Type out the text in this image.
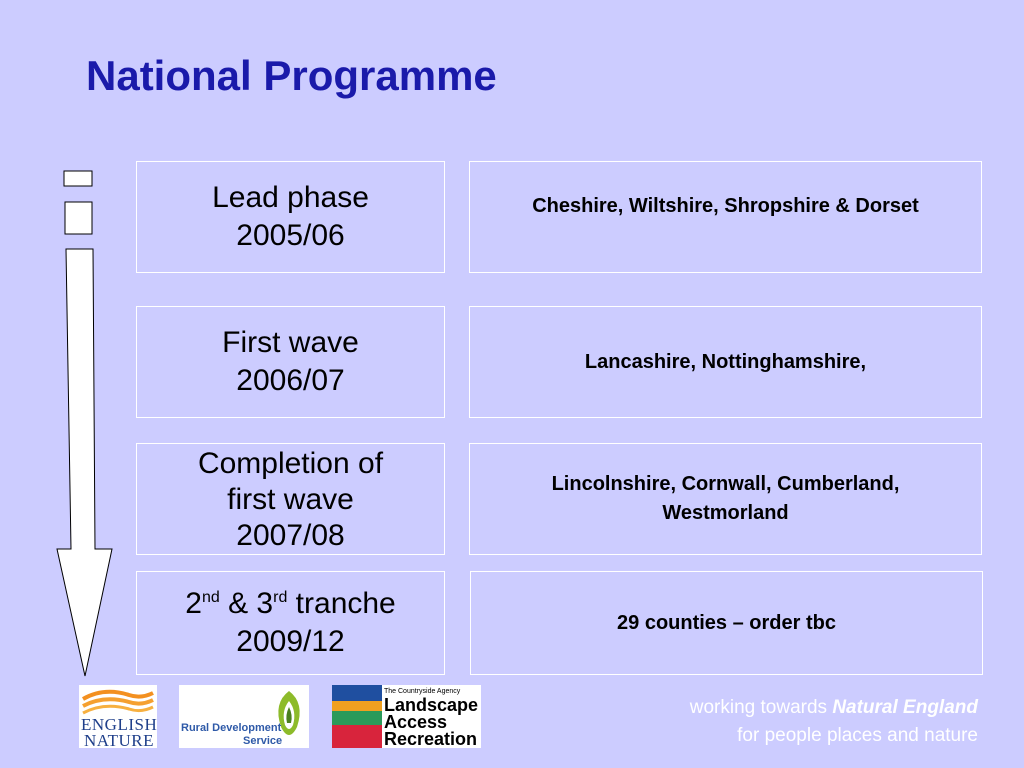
National Programme
Lead phase
2005/06
Cheshire, Wiltshire, Shropshire & Dorset
First wave
2006/07
Lancashire, Nottinghamshire,
Completion of
first wave
2007/08
Lincolnshire, Cornwall, Cumberland, Westmorland
2nd & 3rd tranche
2009/12
29 counties – order tbc
ENGLISH
NATURE
Rural Development
Service
The Countryside Agency
Landscape
Access
Recreation
working towards Natural England
for people places and nature
